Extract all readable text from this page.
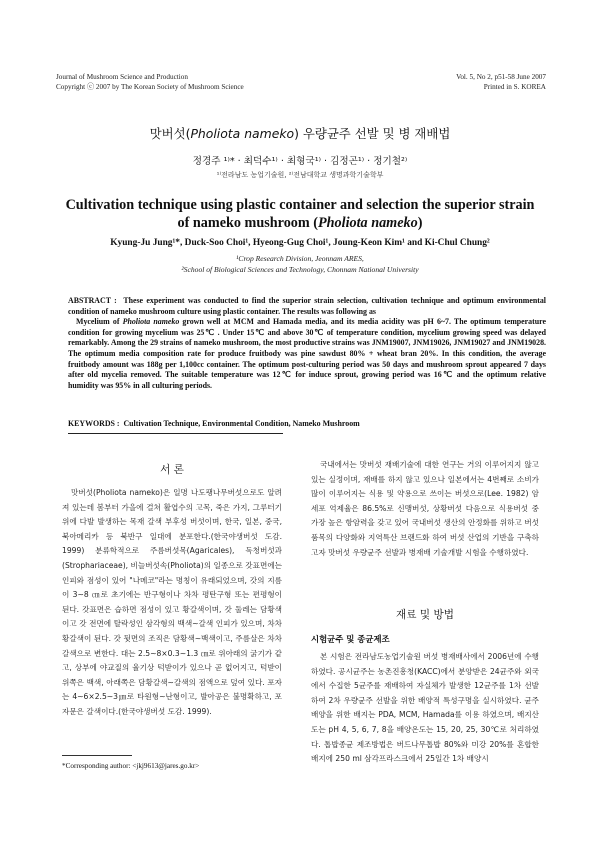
Journal of Mushroom Science and Production
Copyright ⓒ 2007 by The Korean Society of Mushroom Science
Vol. 5, No 2, p51-58 June 2007
Printed in S. KOREA
맛버섯(Pholiota nameko) 우량균주 선발 및 병 재배법
정경주 ¹⁾* · 최덕수¹⁾ · 최형국¹⁾ · 김정곤¹⁾ · 정기철²⁾
¹⁾전라남도 농업기술원, ²⁾전남대학교 생명과학기술학부
Cultivation technique using plastic container and selection the superior strain of nameko mushroom (Pholiota nameko)
Kyung-Ju Jung¹*, Duck-Soo Choi¹, Hyeong-Gug Choi¹, Joung-Keon Kim¹ and Ki-Chul Chung²
¹Crop Research Division, Jeonnam ARES,
²School of Biological Sciences and Technology, Chonnam National University

ABSTRACT : These experiment was conducted to find the superior strain selection, cultivation technique and optimum environmental condition of nameko mushroom culture using plastic container. The results was following as

Mycelium of Pholiota nameko grown well at MCM and Hamada media, and its media acidity was pH 6~7. The optimum temperature condition for growing mycelium was 25℃ . Under 15℃ and above 30℃ of temperature condition, mycelium growing speed was delayed remarkably. Among the 29 strains of nameko mushroom, the most productive strains was JNM19007, JNM19026, JNM19027 and JNM19028. The optimum media composition rate for produce fruitbody was pine sawdust 80% + wheat bran 20%. In this condition, the average fruitbody amount was 188g per 1,100cc container. The optimum post-culturing period was 50 days and mushroom sprout appeared 7 days after old mycelia removed. The suitable temperature was 12℃ for induce sprout, growing period was 16℃ and the optimum relative humidity was 95% in all culturing periods.

KEYWORDS : Cultivation Technique, Environmental Condition, Nameko Mushroom
서 론

맛버섯(Pholiota nameko)은 일명 나도팽나무버섯으로도 알려져 있는데 봄부터 가을에 걸쳐 활엽수의 고목, 죽은 가지, 그루터기 위에 다발 발생하는 목재 갈색 부후성 버섯이며, 한국, 일본, 중국, 북아메리카 등 북반구 일대에 분포한다.(한국야생버섯 도감. 1999) 분류학적으로 주름버섯목(Agaricales), 독청버섯과(Strophariaceae), 비늘버섯속(Pholiota)의 일종으로 갓표면에는 인피와 점성이 있어 "나메코"라는 명칭이 유래되었으며, 갓의 지름이 3~8 ㎝로 초기에는 반구형이나 차차 평탄구형 또는 편평형이 된다. 갓표면은 습하면 점성이 있고 황갈색이며, 갓 둘레는 담황색이고 갓 전면에 탈락성인 삼각형의 백색~갈색 인피가 있으며, 차차 황갈색이 된다. 갓 뒷면의 조직은 담황색~백색이고, 주름살은 차차 갈색으로 변한다. 대는 2.5~8×0.3~1.3 ㎝로 위아래의 굵기가 같고, 상부에 야교질의 율기상 턱받이가 있으나 곧 없어지고, 턱받이 위쪽은 백색, 아래쪽은 담황갈색~갈색의 점액으로 덮여 있다. 포자는 4~6×2.5~3㎛로 타원형~난형이고, 발아공은 불명확하고, 포자문은 갈색이다.(한국야생버섯 도감. 1999).

국내에서는 맛버섯 재배기술에 대한 연구는 거의 이루어지지 않고 있는 실정이며, 재배를 하지 않고 있으나 일본에서는 4번째로 소비가 많이 이루어지는 식용 및 약용으로 쓰이는 버섯으로(Lee. 1982) 암세포 억제율은 86.5%로 신맹버섯, 상황버섯 다음으로 식용버섯 중 가장 높은 항암력을 갖고 있어 국내버섯 생산의 안정화를 위하고 버섯 품목의 다양화와 지역특산 브랜드화 하여 버섯 산업의 기반을 구축하고자 맛버섯 우량균주 선발과 병재배 기술개발 시험을 수행하였다.

재료 및 방법
시험균주 및 종균제조

본 시험은 전라남도농업기술원 버섯 병재배사에서 2006년에 수행하였다. 공시균주는 농촌진흥청(KACC)에서 분양받은 24균주와 외국에서 수집한 5균주를 재배하여 자실체가 발생한 12균주를 1차 선발하여 2차 우량균주 선발을 위한 배양적 특성구명을 실시하였다. 균주배양을 위한 배지는 PDA, MCM, Hamada를 이용 하였으며, 배지산도는 pH 4, 5, 6, 7, 8을 배양온도는 15, 20, 25, 30℃로 처리하였다. 톱밥종균 제조방법은 버드나무톱밥 80%와 미강 20%를 혼합한 배지에 250 ml 삼각프라스크에서 25일간 1차 배양시

*Corresponding author: <jkj9613@jares.go.kr>
